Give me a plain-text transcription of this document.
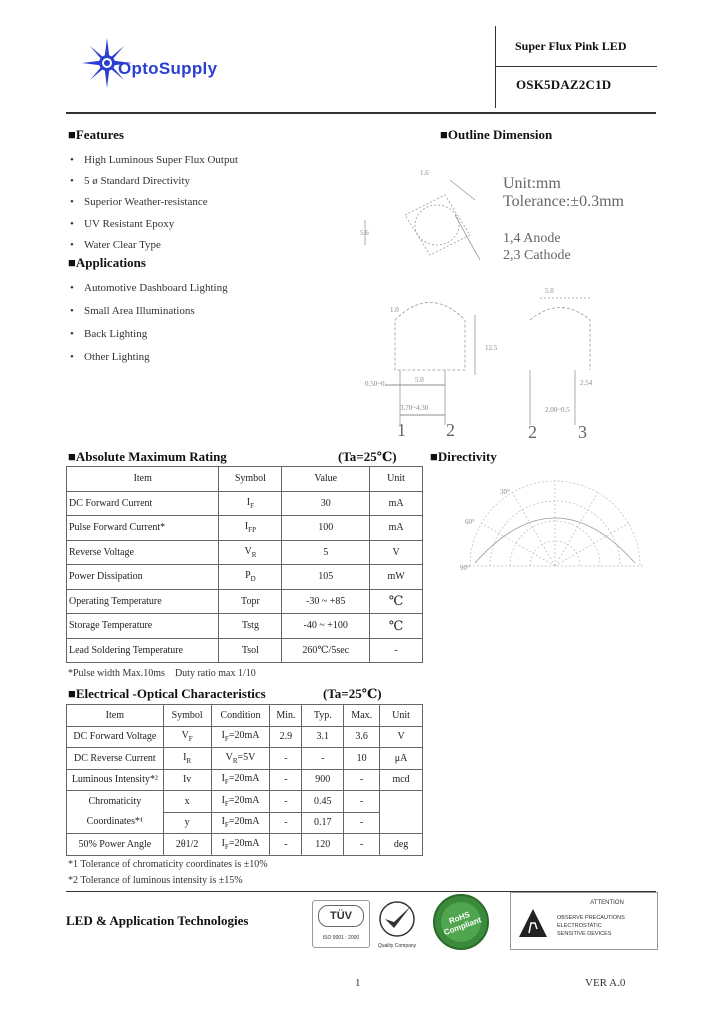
OptoSupply
Super Flux Pink LED
OSK5DAZ2C1D
■Features
• High Luminous Super Flux Output
• 5 ø Standard Directivity
• Superior Weather-resistance
• UV Resistant Epoxy
• Water Clear Type
■Applications
• Automotive Dashboard Lighting
• Small Area Illuminations
• Back Lighting
• Other Lighting
■Outline Dimension
Unit:mm
Tolerance:±0.3mm
1,4 Anode
2,3 Cathode
1.6
5.6
1.0
0.50~0.	5.0
3.70~4.30
12.5
5.0
2.00~0.5
2.54
1 2	2 3
■Absolute Maximum Rating	(Ta=25℃)
Item	Symbol	Value	Unit
DC Forward Current	$I_F$	30	mA
Pulse Forward Current*	$I_{FP}$	100	mA
Reverse Voltage	$V_R$	5	V
Power Dissipation	$P_D$	105	mW
Operating Temperature	Topr	-30 ~ +85	℃
Storage Temperature	Tstg	-40 ~ +100	℃
Lead Soldering Temperature	Tsol	260℃/5sec	-
*Pulse width Max.10ms    Duty ratio max 1/10
■Directivity
30°
60°
90°
■Electrical -Optical Characteristics	(Ta=25℃)
Item	Symbol	Condition	Min.	Typ.	Max.	Unit
DC Forward Voltage	$V_F$	$I_F=20mA$	2.9	3.1	3.6	V
DC Reverse Current	$I_R$	$V_R=5V$	-	-	10	μA
Luminous Intensity*²	Iv	$I_F=20mA$	-	900	-	mcd

Chromaticity
Coordinates*¹	x	$I_F=20mA$	-	0.45	-	
	y	$I_F=20mA$	-	0.17	-	
50% Power Angle	2θ1/2	$I_F=20mA$	-	120	-	deg
*1 Tolerance of chromaticity coordinates is ±10%
*2 Tolerance of luminous intensity is ±15%
LED & Application Technologies	TÜV
ISO 9001 : 2000
Quality Company
RoHS Compliant
ATTENTION
OBSERVE PRECAUTIONS
ELECTROSTATIC
SENSITIVE DEVICES
1	VER A.0
